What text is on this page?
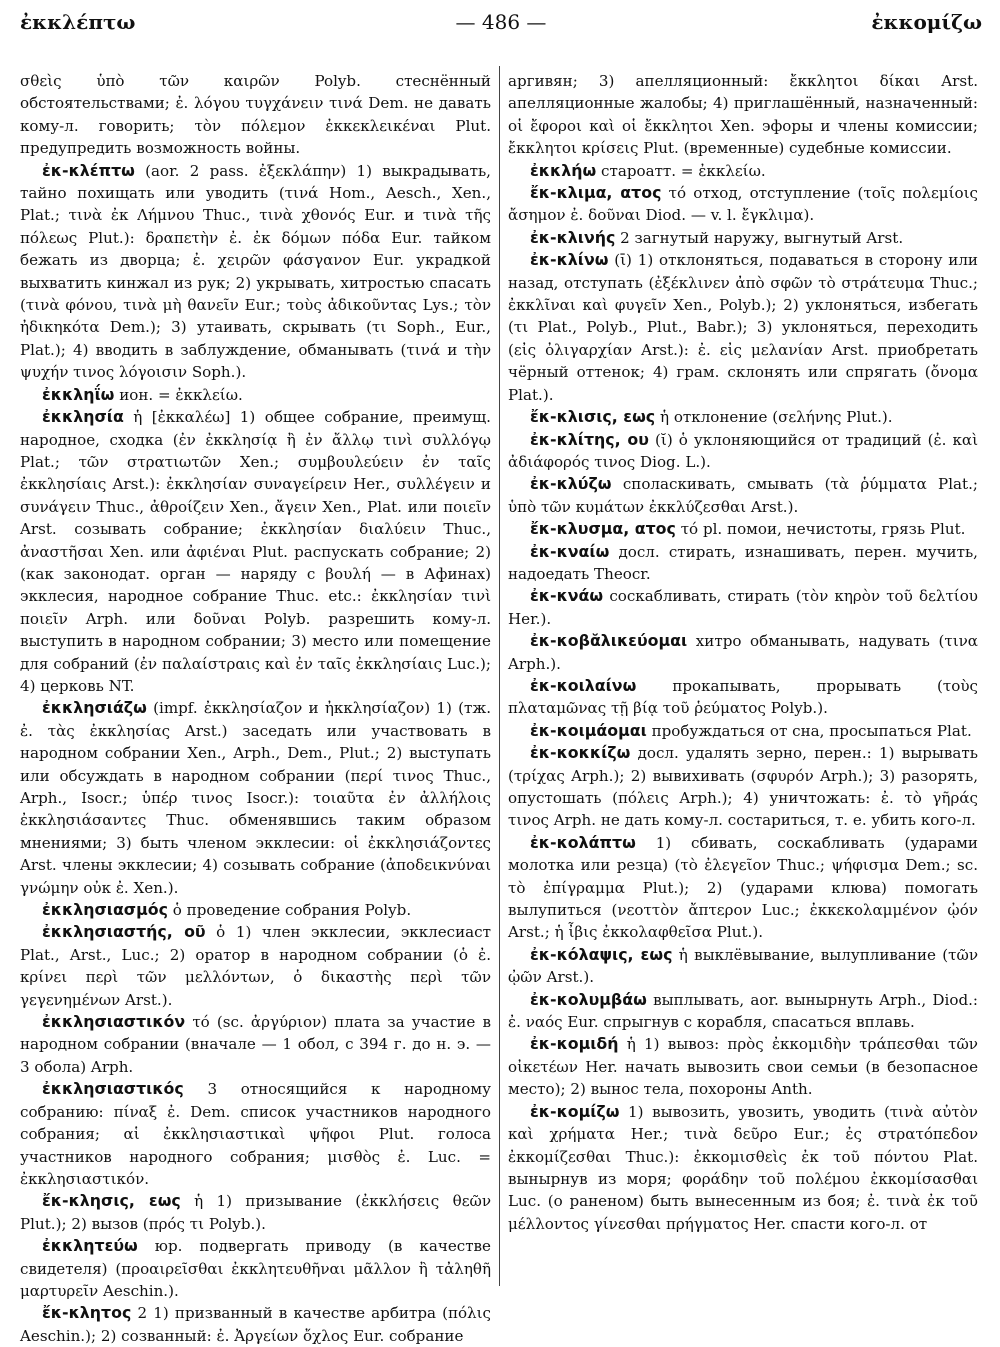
ἐκκλέπτω	— 486 —	ἐκκομίζω

σθεὶς ὑπὸ τῶν καιρῶν Polyb. стеснённый обстоятельствами; ἐ. λόγου τυγχάνειν τινά Dem. не давать кому-л. говорить; τὸν πόλεμον ἐκκεκλεικέναι Plut. предупредить возможность войны.

ἐκ-κλέπτω (aor. 2 pass. ἐξεκλάπην) 1) выкрадывать, тайно похищать или уводить (τινά Hom., Aesch., Xen., Plat.; τινὰ ἐκ Λήμνου Thuc., τινὰ χθονός Eur. и τινὰ τῆς πόλεως Plut.): δραπετὴν ἐ. ἐκ δόμων πόδα Eur. тайком бежать из дворца; ἐ. χειρῶν φάσγανον Eur. украдкой выхватить кинжал из рук; 2) укрывать, хитростью спасать (τινὰ φόνου, τινὰ μὴ θανεῖν Eur.; τοὺς ἀδικοῦντας Lys.; τὸν ἠδικηκότα Dem.); 3) утаивать, скрывать (τι Soph., Eur., Plat.); 4) вводить в заблуждение, обманывать (τινά и τὴν ψυχήν τινος λόγοισιν Soph.).

ἐκκληΐω ион. = ἐκκλείω.

ἐκκλησία ἡ [ἐκκαλέω] 1) общее собрание, преимущ. народное, сходка (ἐν ἐκκλησίᾳ ἢ ἐν ἄλλῳ τινὶ συλλόγῳ Plat.; τῶν στρατιωτῶν Xen.; συμβουλεύειν ἐν ταῖς ἐκκλησίαις Arst.): ἐκκλησίαν συναγείρειν Her., συλλέγειν и συνάγειν Thuc., ἀθροίζειν Xen., ἄγειν Xen., Plat. или ποιεῖν Arst. созывать собрание; ἐκκλησίαν διαλύειν Thuc., ἀναστῆσαι Xen. или ἀφιέναι Plut. распускать собрание; 2) (как законодат. орган — наряду с βουλή — в Афинах) экклесия, народное собрание Thuc. etc.: ἐκκλησίαν τινὶ ποιεῖν Arph. или δοῦναι Polyb. разрешить кому-л. выступить в народном собрании; 3) место или помещение для собраний (ἐν παλαίστραις καὶ ἐν ταῖς ἐκκλησίαις Luc.); 4) церковь NT.

ἐκκλησιάζω (impf. ἐκκλησίαζον и ἠκκλησίαζον) 1) (тж. ἐ. τὰς ἐκκλησίας Arst.) заседать или участвовать в народном собрании Xen., Arph., Dem., Plut.; 2) выступать или обсуждать в народном собрании (περί τινος Thuc., Arph., Isocr.; ὑπέρ τινος Isocr.): τοιαῦτα ἐν ἀλλήλοις ἐκκλησιάσαντες Thuc. обменявшись таким образом мнениями; 3) быть членом экклесии: οἱ ἐκκλησιάζοντες Arst. члены экклесии; 4) созывать собрание (ἀποδεικνύναι γνώμην οὐκ ἐ. Xen.).

ἐκκλησιασμός ὁ проведение собрания Polyb.

ἐκκλησιαστής, οῦ ὁ 1) член экклесии, экклесиаст Plat., Arst., Luc.; 2) оратор в народном собрании (ὁ ἐ. κρίνει περὶ τῶν μελλόντων, ὁ δικαστὴς περὶ τῶν γεγενημένων Arst.).

ἐκκλησιαστικόν τό (sc. ἀργύριον) плата за участие в народном собрании (вначале — 1 обол, с 394 г. до н. э. — 3 обола) Arph.

ἐκκλησιαστικός 3 относящийся к народному собранию: πίναξ ἐ. Dem. список участников народного собрания; αἱ ἐκκλησιαστικαὶ ψῆφοι Plut. голоса участников народного собрания; μισθὸς ἐ. Luc. = ἐκκλησιαστικόν.

ἔκ-κλησις, εως ἡ 1) призывание (ἐκκλήσεις θεῶν Plut.); 2) вызов (πρός τι Polyb.).

ἐκκλητεύω юр. подвергать приводу (в качестве свидетеля) (προαιρεῖσθαι ἐκκλητευθῆναι μᾶλλον ἢ τἀληθῆ μαρτυρεῖν Aeschin.).

ἔκ-κλητος 2 1) призванный в качестве арбитра (πόλις Aeschin.); 2) созванный: ἐ. Ἀργείων ὄχλος Eur. собрание

аргивян; 3) апелляционный: ἔκκλητοι δίκαι Arst. апелляционные жалобы; 4) приглашённый, назначенный: οἱ ἔφοροι καὶ οἱ ἔκκλητοι Xen. эфоры и члены комиссии; ἔκκλητοι κρίσεις Plut. (временные) судебные комиссии.

ἐκκλήω староатт. = ἐκκλείω.

ἔκ-κλιμα, ατος τό отход, отступление (τοῖς πολεμίοις ἄσημον ἐ. δοῦναι Diod. — v. l. ἔγκλιμα).

ἐκ-κλινής 2 загнутый наружу, выгнутый Arst.

ἐκ-κλίνω (ῑ) 1) отклоняться, подаваться в сторону или назад, отступать (ἐξέκλινεν ἀπὸ σφῶν τὸ στράτευμα Thuc.; ἐκκλῖναι καὶ φυγεῖν Xen., Polyb.); 2) уклоняться, избегать (τι Plat., Polyb., Plut., Babr.); 3) уклоняться, переходить (εἰς ὀλιγαρχίαν Arst.): ἐ. εἰς μελανίαν Arst. приобретать чёрный оттенок; 4) грам. склонять или спрягать (ὄνομα Plat.).

ἔκ-κλισις, εως ἡ отклонение (σελήνης Plut.).

ἐκ-κλίτης, ου (ῐ) ὁ уклоняющийся от традиций (ἐ. καὶ ἀδιάφορός τινος Diog. L.).

ἐκ-κλύζω споласкивать, смывать (τὰ ῥύμματα Plat.; ὑπὸ τῶν κυμάτων ἐκκλύζεσθαι Arst.).

ἔκ-κλυσμα, ατος τό pl. помои, нечистоты, грязь Plut.

ἐκ-κναίω досл. стирать, изнашивать, перен. мучить, надоедать Theocr.

ἐκ-κνάω соскабливать, стирать (τὸν κηρὸν τοῦ δελτίου Her.).

ἐκ-κοβᾰλικεύομαι хитро обманывать, надувать (τινα Arph.).

ἐκ-κοιλαίνω прокапывать, прорывать (τοὺς πλαταμῶνας τῇ βίᾳ τοῦ ῥεύματος Polyb.).

ἐκ-κοιμάομαι пробуждаться от сна, просыпаться Plat.

ἐκ-κοκκίζω досл. удалять зерно, перен.: 1) вырывать (τρίχας Arph.); 2) вывихивать (σφυρόν Arph.); 3) разорять, опустошать (πόλεις Arph.); 4) уничтожать: ἐ. τὸ γῆράς τινος Arph. не дать кому-л. состариться, т. е. убить кого-л.

ἐκ-κολάπτω 1) сбивать, соскабливать (ударами молотка или резца) (τὸ ἐλεγεῖον Thuc.; ψήφισμα Dem.; sc. τὸ ἐπίγραμμα Plut.); 2) (ударами клюва) помогать вылупиться (νεοττὸν ἄπτερον Luc.; ἐκκεκολαμμένον ᾠόν Arst.; ἡ ἶβις ἐκκολαφθεῖσα Plut.).

ἐκ-κόλαψις, εως ἡ выклёвывание, вылупливание (τῶν ᾠῶν Arst.).

ἐκ-κολυμβάω выплывать, aor. вынырнуть Arph., Diod.: ἐ. ναός Eur. спрыгнув с корабля, спасаться вплавь.

ἐκ-κομιδή ἡ 1) вывоз: πρὸς ἐκκομιδὴν τράπεσθαι τῶν οἰκετέων Her. начать вывозить свои семьи (в безопасное место); 2) вынос тела, похороны Anth.

ἐκ-κομίζω 1) вывозить, увозить, уводить (τινὰ αὐτὸν καὶ χρήματα Her.; τινὰ δεῦρο Eur.; ἐς στρατόπεδον ἐκκομίζεσθαι Thuc.): ἐκκομισθεὶς ἐκ τοῦ πόντου Plat. вынырнув из моря; φοράδην τοῦ πολέμου ἐκκομίσασθαι Luc. (о раненом) быть вынесенным из боя; ἐ. τινὰ ἐκ τοῦ μέλλοντος γίνεσθαι πρήγματος Her. спасти кого-л. от
